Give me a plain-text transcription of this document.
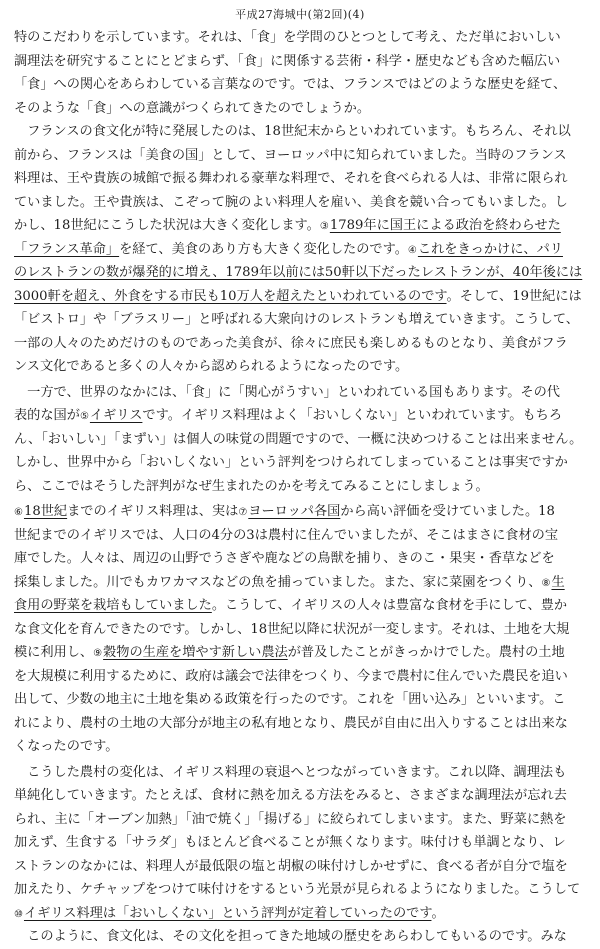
平成27海城中(第2回)(4)
特のこだわりを示しています。それは、「食」を学問のひとつとして考え、ただ単においしい
調理法を研究することにとどまらず、「食」に関係する芸術・科学・歴史なども含めた幅広い
「食」への関心をあらわしている言葉なのです。では、フランスではどのような歴史を経て、
そのような「食」への意識がつくられてきたのでしょうか。
　フランスの食文化が特に発展したのは、18世紀末からといわれています。もちろん、それ以
前から、フランスは「美食の国」として、ヨーロッパ中に知られていました。当時のフランス
料理は、王や貴族の城館で振る舞われる豪華な料理で、それを食べられる人は、非常に限られ
ていました。王や貴族は、こぞって腕のよい料理人を雇い、美食を競い合ってもいました。し
かし、18世紀にこうした状況は大きく変化します。③1789年に国王による政治を終わらせた
「フランス革命」を経て、美食のあり方も大きく変化したのです。④これをきっかけに、パリ
のレストランの数が爆発的に増え、1789年以前には50軒以下だったレストランが、40年後には
3000軒を超え、外食をする市民も10万人を超えたといわれているのです。そして、19世紀には
「ビストロ」や「ブラスリー」と呼ばれる大衆向けのレストランも増えていきます。こうして、
一部の人々のためだけのものであった美食が、徐々に庶民も楽しめるものとなり、美食がフラ
ンス文化であると多くの人々から認められるようになったのです。
　一方で、世界のなかには、「食」に「関心がうすい」といわれている国もあります。その代
表的な国が⑤イギリスです。イギリス料理はよく「おいしくない」といわれています。もちろ
ん、「おいしい」「まずい」は個人の味覚の問題ですので、一概に決めつけることは出来ません。
しかし、世界中から「おいしくない」という評判をつけられてしまっていることは事実ですか
ら、ここではそうした評判がなぜ生まれたのかを考えてみることにしましょう。
⑥18世紀までのイギリス料理は、実は⑦ヨーロッパ各国から高い評価を受けていました。18
世紀までのイギリスでは、人口の4分の3は農村に住んでいましたが、そこはまさに食材の宝
庫でした。人々は、周辺の山野でうさぎや鹿などの鳥獣を捕り、きのこ・果実・香草などを
採集しました。川でもカワカマスなどの魚を捕っていました。また、家に菜園をつくり、⑧生
食用の野菜を栽培もしていました。こうして、イギリスの人々は豊富な食材を手にして、豊か
な食文化を育んできたのです。しかし、18世紀以降に状況が一変します。それは、土地を大規
模に利用し、⑨穀物の生産を増やす新しい農法が普及したことがきっかけでした。農村の土地
を大規模に利用するために、政府は議会で法律をつくり、今まで農村に住んでいた農民を追い
出して、少数の地主に土地を集める政策を行ったのです。これを「囲い込み」といいます。こ
れにより、農村の土地の大部分が地主の私有地となり、農民が自由に出入りすることは出来な
くなったのです。
　こうした農村の変化は、イギリス料理の衰退へとつながっていきます。これ以降、調理法も
単純化していきます。たとえば、食材に熱を加える方法をみると、さまざまな調理法が忘れ去
られ、主に「オーブン加熱」「油で焼く」「揚げる」に絞られてしまいます。また、野菜に熱を
加えず、生食する「サラダ」もほとんど食べることが無くなります。味付けも単調となり、レ
ストランのなかには、料理人が最低限の塩と胡椒の味付けしかせずに、食べる者が自分で塩を
加えたり、ケチャップをつけて味付けをするという光景が見られるようになりました。こうして
⑩イギリス料理は「おいしくない」という評判が定着していったのです。
　このように、食文化は、その文化を担ってきた地域の歴史をあらわしてもいるのです。みな
